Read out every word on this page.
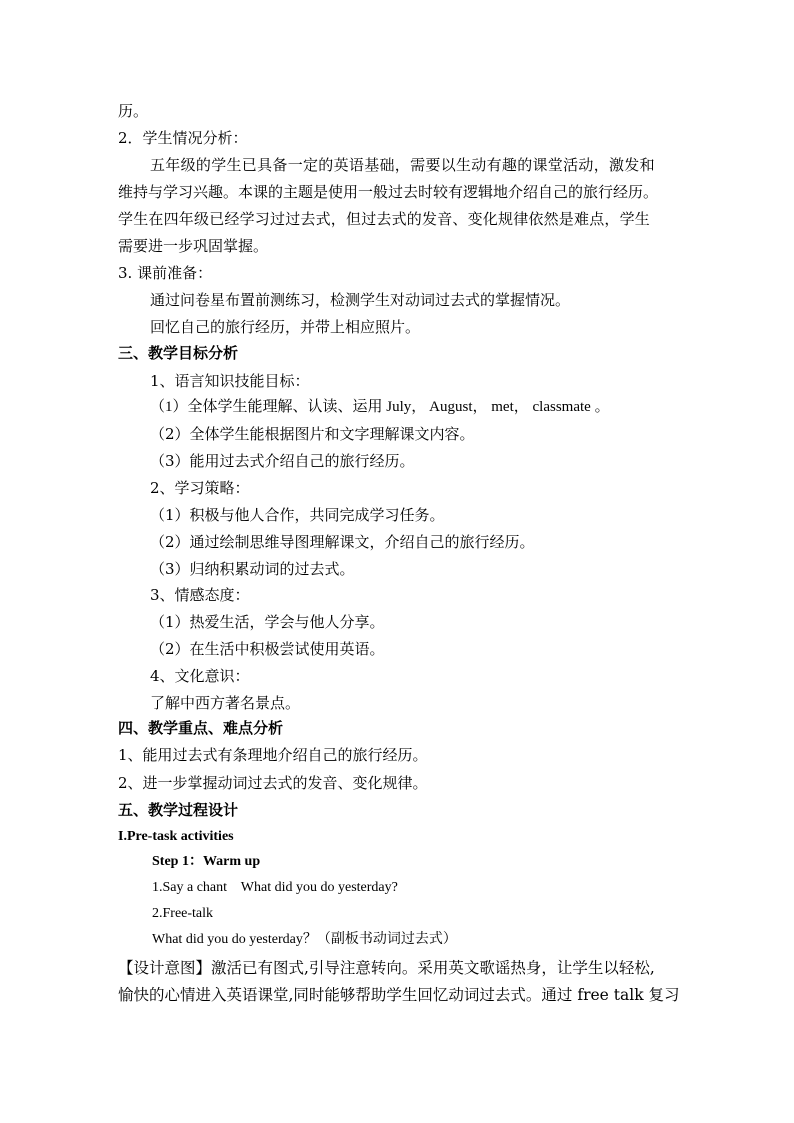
历。
2．学生情况分析：
五年级的学生已具备一定的英语基础，需要以生动有趣的课堂活动，激发和
维持与学习兴趣。本课的主题是使用一般过去时较有逻辑地介绍自己的旅行经历。
学生在四年级已经学习过过去式，但过去式的发音、变化规律依然是难点，学生
需要进一步巩固掌握。
3. 课前准备：
通过问卷星布置前测练习，检测学生对动词过去式的掌握情况。
回忆自己的旅行经历，并带上相应照片。
三、教学目标分析
1、语言知识技能目标：
（1）全体学生能理解、认读、运用 July， August， met， classmate 。
（2）全体学生能根据图片和文字理解课文内容。
（3）能用过去式介绍自己的旅行经历。
2、学习策略：
（1）积极与他人合作，共同完成学习任务。
（2）通过绘制思维导图理解课文，介绍自己的旅行经历。
（3）归纳积累动词的过去式。
3、情感态度：
（1）热爱生活，学会与他人分享。
（2）在生活中积极尝试使用英语。
4、文化意识：
了解中西方著名景点。
四、教学重点、难点分析
1、能用过去式有条理地介绍自己的旅行经历。
2、进一步掌握动词过去式的发音、变化规律。
五、教学过程设计
I.Pre-task activities
Step 1：Warm up
1.Say a chant    What did you do yesterday?
2.Free-talk
What did you do yesterday？（副板书动词过去式）
【设计意图】激活已有图式,引导注意转向。采用英文歌谣热身，让学生以轻松,
愉快的心情进入英语课堂,同时能够帮助学生回忆动词过去式。通过 free talk 复习
